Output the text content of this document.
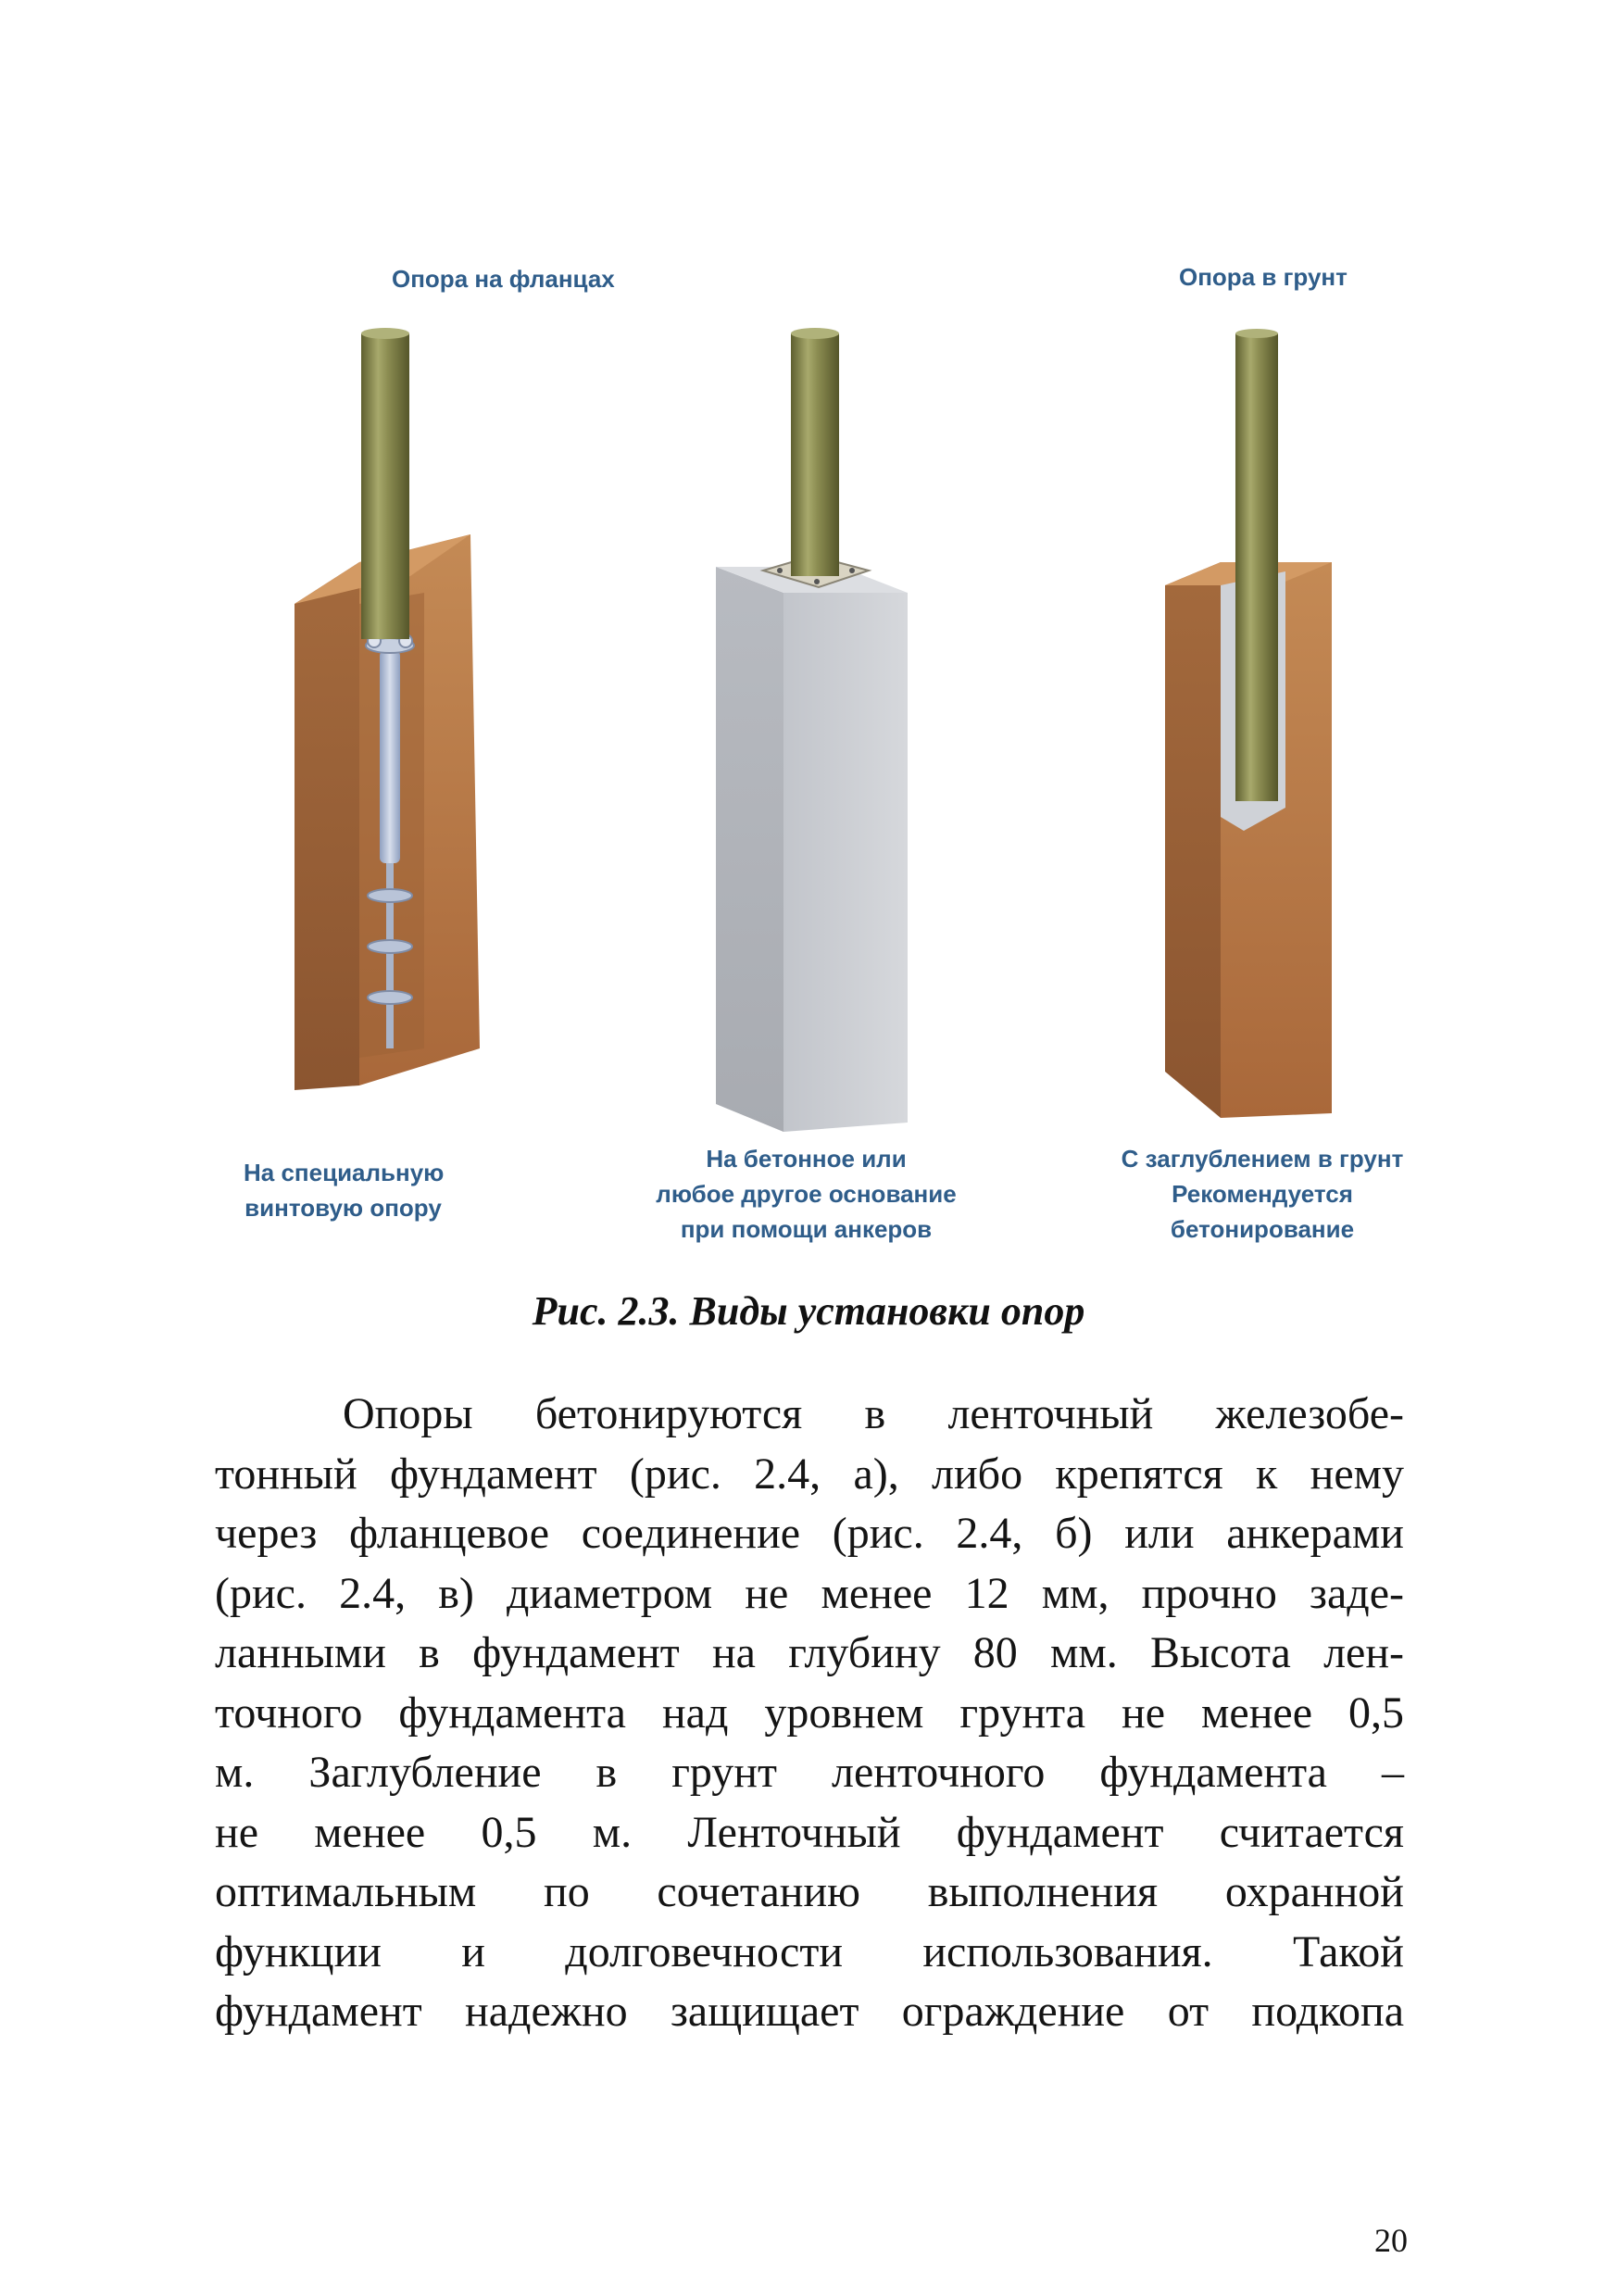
Опора на фланцах	Опора в грунт
На специальную
винтовую опору
На бетонное или
любое другое основание
при помощи анкеров
С заглублением в грунт
Рекомендуется
бетонирование
Рис. 2.3. Виды установки опор
Опоры бетонируются в ленточный железобе-
тонный фундамент (рис. 2.4, а), либо крепятся к нему
через фланцевое соединение (рис. 2.4, б) или анкерами
(рис. 2.4, в) диаметром не менее 12 мм, прочно заде-
ланными в фундамент на глубину 80 мм. Высота лен-
точного фундамента над уровнем грунта не менее 0,5
м. Заглубление в грунт ленточного фундамента –
не менее 0,5 м. Ленточный фундамент считается
оптимальным по сочетанию выполнения охранной
функции и долговечности использования. Такой
фундамент надежно защищает ограждение от подкопа
20
